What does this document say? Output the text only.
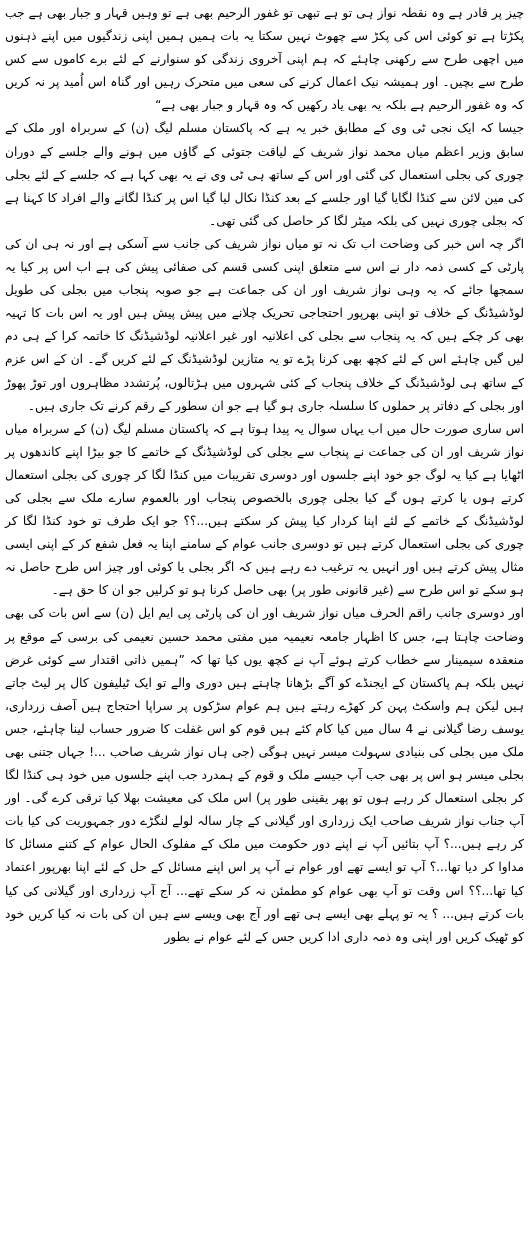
چیز پر قادر ہے وہ نقطہ نواز ہی تو ہے تبھی تو غفور الرحیم بھی ہے تو وہیں قہار و جبار بھی ہے جب پکڑتا ہے تو کوئی اس کی پکڑ سے چھوٹ نہیں سکتا یہ بات ہمیں ہمیں اپنی زندگیوں میں اپنے ذہنوں میں اچھی طرح سے رکھنی چاہئے کہ ہم اپنی آخروی زندگی کو سنوارنے کے لئے برے کاموں سے کس طرح سے بچیں۔ اور ہمیشہ نیک اعمال کرنے کی سعی میں متحرک رہیں اور گناہ اس اُمید پر نہ کریں کہ وہ غفور الرحیم ہے بلکہ یہ بھی یاد رکھیں کہ وہ قہار و جبار بھی ہے“

جیسا کہ ایک نجی ٹی وی کے مطابق خبر یہ ہے کہ پاکستان مسلم لیگ (ن) کے سربراہ اور ملک کے سابق وزیر اعظم میاں محمد نواز شریف کے لیاقت جتوئی کے گاؤں میں ہونے والے جلسے کے دوران چوری کی بجلی استعمال کی گئی اور اس کے ساتھ ہی ٹی وی نے یہ بھی کہا ہے کہ جلسے کے لئے بجلی کی مین لائن سے کنڈا لگایا گیا اور جلسے کے بعد کنڈا نکال لیا گیا اس پر کنڈا لگانے والے افراد کا کہنا ہے کہ بجلی چوری نہیں کی بلکہ میٹر لگا کر حاصل کی گئی تھی۔

اگر چہ اس خبر کی وضاحت اب تک نہ تو میاں نواز شریف کی جانب سے آسکی ہے اور نہ ہی ان کی پارٹی کے کسی ذمہ دار نے اس سے متعلق اپنی کسی قسم کی صفائی پیش کی ہے اب اس پر کیا یہ سمجھا جائے کہ یہ وہی نواز شریف اور ان کی جماعت ہے جو صوبہ پنجاب میں بجلی کی طویل لوڈشیڈنگ کے خلاف تو اپنی بھرپور احتجاجی تحریک چلانے میں پیش پیش ہیں اور یہ اس بات کا تہیہ بھی کر چکے ہیں کہ یہ پنجاب سے بجلی کی اعلانیہ اور غیر اعلانیہ لوڈشیڈنگ کا خاتمہ کرا کے ہی دم لیں گیں چاہئے اس کے لئے کچھ بھی کرنا پڑے تو یہ متازین لوڈشیڈنگ کے لئے کریں گے۔ ان کے اس عزم کے ساتھ ہی لوڈشیڈنگ کے خلاف پنجاب کے کئی شہروں میں ہڑتالوں، پُرتشدد مظاہروں اور توڑ پھوڑ اور بجلی کے دفاتر پر حملوں کا سلسلہ جاری ہو گیا ہے جو ان سطور کے رقم کرنے تک جاری ہیں۔

اس ساری صورت حال میں اب یہاں سوال یہ پیدا ہوتا ہے کہ پاکستان مسلم لیگ (ن) کے سربراہ میاں نواز شریف اور ان کی جماعت نے پنجاب سے بجلی کی لوڈشیڈنگ کے خاتمے کا جو بیڑا اپنے کاندھوں پر اٹھایا ہے کیا یہ لوگ جو خود اپنے جلسوں اور دوسری تقریبات میں کنڈا لگا کر چوری کی بجلی استعمال کرتے ہوں یا کرتے ہوں گے کیا بجلی چوری بالخصوص پنجاب اور بالعموم سارے ملک سے بجلی کی لوڈشیڈنگ کے خاتمے کے لئے اپنا کردار کیا پیش کر سکتے ہیں...؟؟ جو ایک طرف تو خود کنڈا لگا کر چوری کی بجلی استعمال کرتے ہیں تو دوسری جانب عوام کے سامنے اپنا یہ فعل شفع کر کے اپنی ایسی مثال پیش کرتے ہیں اور انہیں یہ ترغیب دے رہے ہیں کہ اگر بجلی یا کوئی اور چیز اس طرح حاصل نہ ہو سکے تو اس طرح سے (غیر قانونی طور پر) بھی حاصل کرنا ہو تو کرلیں جو ان کا حق ہے۔

اور دوسری جانب راقم الحرف میاں نواز شریف اور ان کی پارٹی پی ایم ایل (ن) سے اس بات کی بھی وضاحت چاہتا ہے، جس کا اظہار جامعہ نعیمیہ میں مفتی محمد حسین نعیمی کی برسی کے موقع پر منعقدہ سیمینار سے خطاب کرتے ہوئے آپ نے کچھ یوں کیا تھا کہ ”ہمیں ذاتی اقتدار سے کوئی غرض نہیں بلکہ ہم پاکستان کے ایجنڈے کو آگے بڑھانا چاہتے ہیں دوری والے تو ایک ٹیلیفون کال پر لیٹ جاتے ہیں لیکن ہم واسکٹ پہن کر کھڑے رہتے ہیں ہم عوام سڑکوں پر سراپا احتجاج ہیں آصف زرداری، یوسف رضا گیلانی نے 4 سال میں کیا کام کئے ہیں قوم کو اس غفلت کا ضرور حساب لینا چاہئے، جس ملک میں بجلی کی بنیادی سہولت میسر نہیں ہوگی (جی ہاں نواز شریف صاحب ...! جہاں جتنی بھی بجلی میسر ہو اس پر بھی جب آپ جیسے ملک و قوم کے ہمدرد جب اپنے جلسوں میں خود ہی کنڈا لگا کر بجلی استعمال کر رہے ہوں تو پھر یقینی طور پر) اس ملک کی معیشت بھلا کیا ترقی کرے گی۔ اور آپ جناب نواز شریف صاحب ایک زرداری اور گیلانی کے چار سالہ لولے لنگڑے دور جمہوریت کی کیا بات کر رہے ہیں...؟ آپ بتائیں آپ نے اپنے دور حکومت میں ملک کے مفلوک الحال عوام کے کتنے مسائل کا مداوا کر دیا تھا...؟ آپ تو ایسے تھے اور عوام نے آپ پر اس اپنے مسائل کے حل کے لئے اپنا بھرپور اعتماد کیا تھا...؟؟ اس وقت تو آپ بھی عوام کو مطمئن نہ کر سکے تھے... آج آپ زرداری اور گیلانی کی کیا بات کرتے ہیں... ؟ یہ تو پہلے بھی ایسے ہی تھے اور آج بھی ویسے سے ہیں ان کی بات نہ کیا کریں خود کو ٹھیک کریں اور اپنی وہ ذمہ داری ادا کریں جس کے لئے عوام نے بطور
